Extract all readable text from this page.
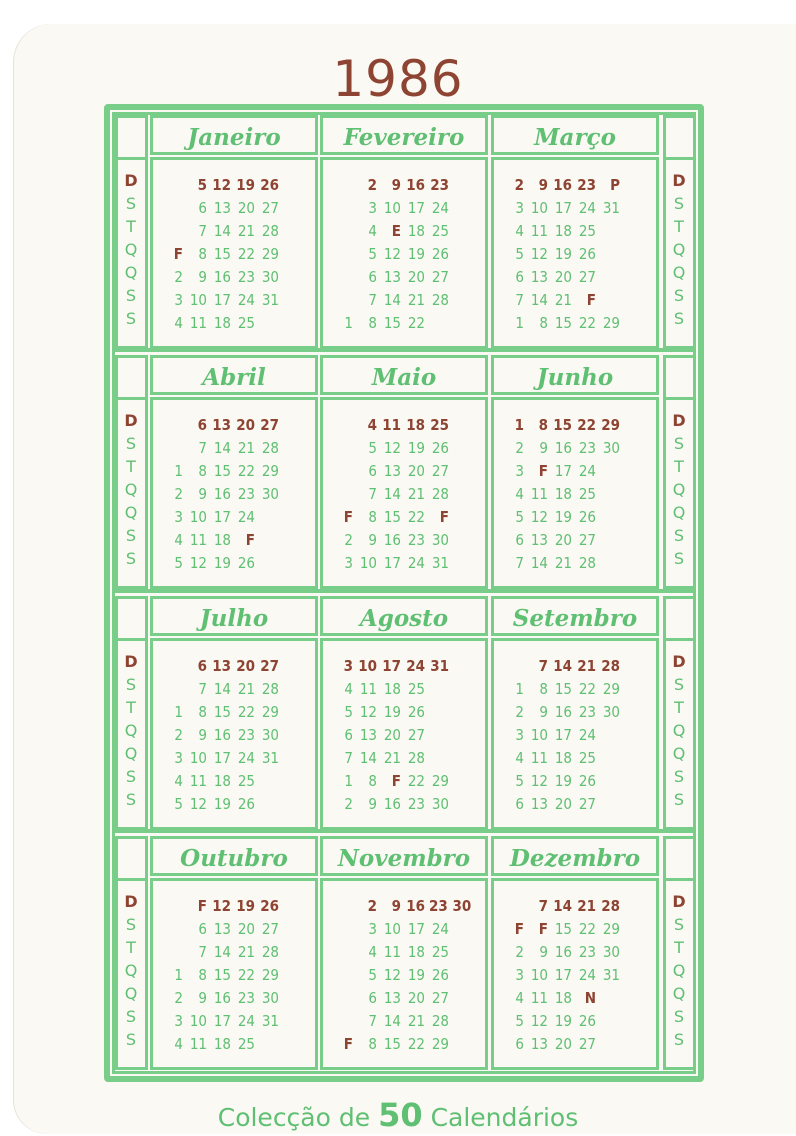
1986
D
S
T
Q
Q
S
S
D
S
T
Q
Q
S
S
D
S
T
Q
Q
S
S
D
S
T
Q
Q
S
S
D
S
T
Q
Q
S
S
D
S
T
Q
Q
S
S
D
S
T
Q
Q
S
S
D
S
T
Q
Q
S
S
Janeiro
5 12 19 26
6 13 20 27
7 14 21 28
F 8 15 22 29
2 9 16 23 30
3 10 17 24 31
4 11 18 25
Fevereiro
2 9 16 23
3 10 17 24
4 E 18 25
5 12 19 26
6 13 20 27
7 14 21 28
1 8 15 22
Março
2 9 16 23 P
3 10 17 24 31
4 11 18 25
5 12 19 26
6 13 20 27
7 14 21 F
1 8 15 22 29
Abril
6 13 20 27
7 14 21 28
1 8 15 22 29
2 9 16 23 30
3 10 17 24
4 11 18 F
5 12 19 26
Maio
4 11 18 25
5 12 19 26
6 13 20 27
7 14 21 28
F 8 15 22 F
2 9 16 23 30
3 10 17 24 31
Junho
1 8 15 22 29
2 9 16 23 30
3 F 17 24
4 11 18 25
5 12 19 26
6 13 20 27
7 14 21 28
Julho
6 13 20 27
7 14 21 28
1 8 15 22 29
2 9 16 23 30
3 10 17 24 31
4 11 18 25
5 12 19 26
Agosto
3 10 17 24 31
4 11 18 25
5 12 19 26
6 13 20 27
7 14 21 28
1 8 F 22 29
2 9 16 23 30
Setembro
7 14 21 28
1 8 15 22 29
2 9 16 23 30
3 10 17 24
4 11 18 25
5 12 19 26
6 13 20 27
Outubro
F 12 19 26
6 13 20 27
7 14 21 28
1 8 15 22 29
2 9 16 23 30
3 10 17 24 31
4 11 18 25
Novembro
2 9 16 23 30
3 10 17 24
4 11 18 25
5 12 19 26
6 13 20 27
7 14 21 28
F 8 15 22 29
Dezembro
7 14 21 28
F F 15 22 29
2 9 16 23 30
3 10 17 24 31
4 11 18 N
5 12 19 26
6 13 20 27
Colecção de 50 Calendários
